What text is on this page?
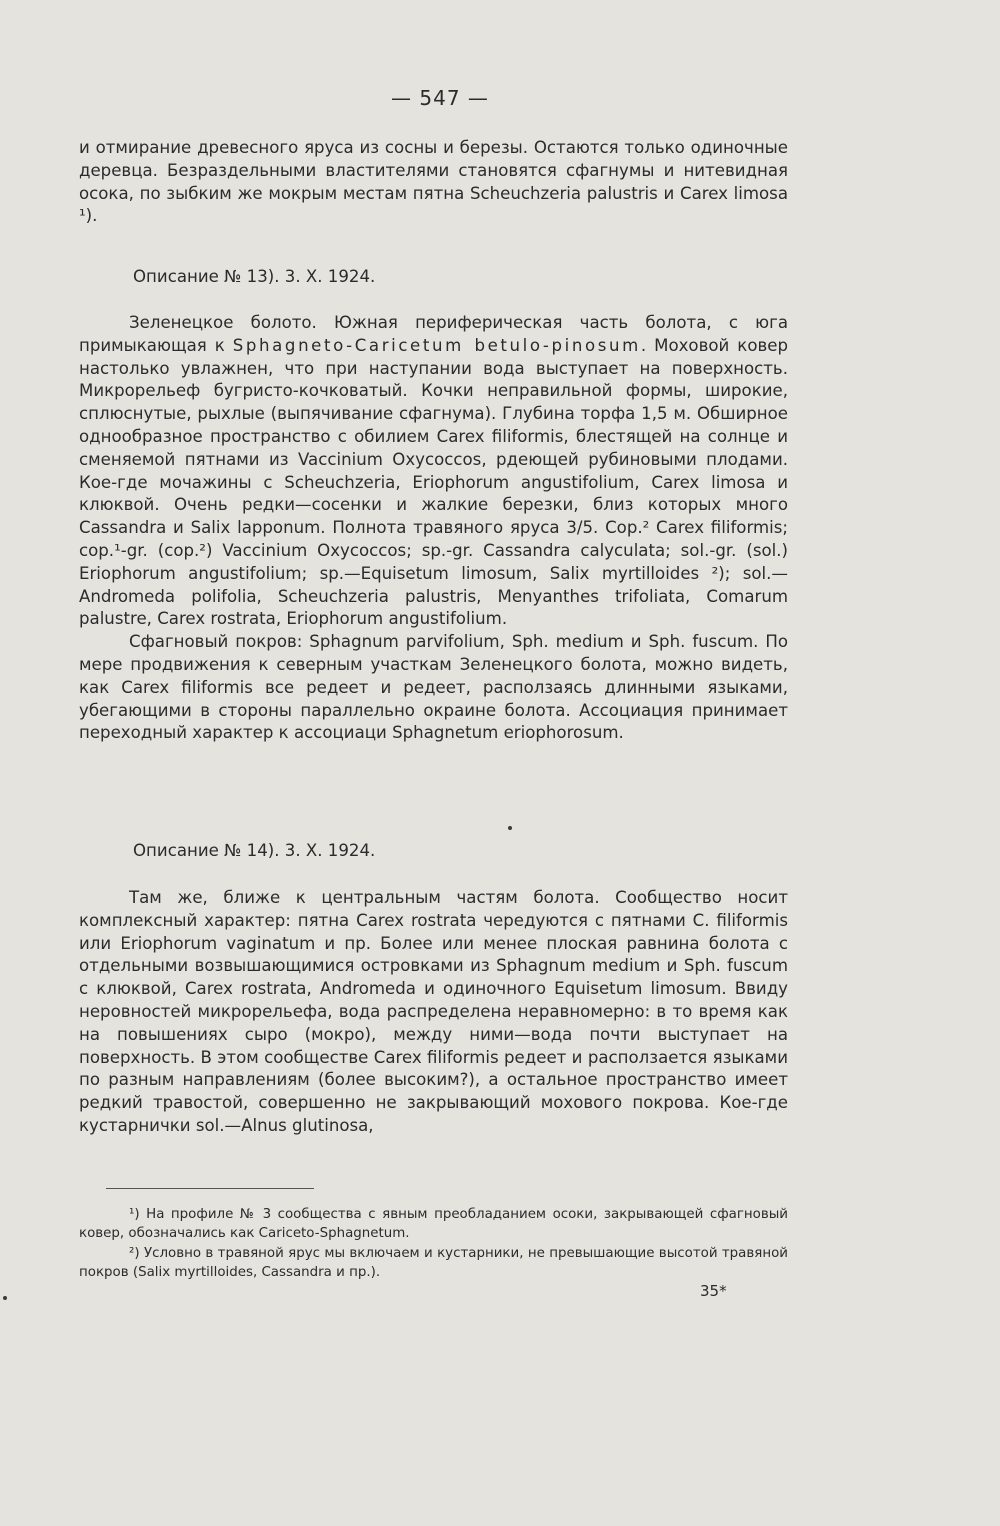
— 547 —

и отмирание древесного яруса из сосны и березы. Остаются только одиночные деревца. Безраздельными властителями становятся сфагнумы и нитевидная осока, по зыбким же мокрым местам пятна Scheuchzeria palustris и Carex limosa ¹).

Описание № 13). 3. X. 1924.

Зеленецкое болото. Южная периферическая часть болота, с юга примыкающая к Sphagneto-Caricetum betulo-pinosum. Моховой ковер настолько увлажнен, что при наступании вода выступает на поверхность. Микрорельеф бугристо-кочковатый. Кочки неправильной формы, широкие, сплюснутые, рыхлые (выпячивание сфагнума). Глубина торфа 1,5 м. Обширное однообразное пространство с обилием Carex filiformis, блестящей на солнце и сменяемой пятнами из Vaccinium Oxycoccos, рдеющей рубиновыми плодами. Кое-где мочажины с Scheuchzeria, Eriophorum angustifolium, Carex limosa и клюквой. Очень редки—сосенки и жалкие березки, близ которых много Cassandra и Salix lapponum. Полнота травяного яруса 3/5. Cop.² Carex filiformis; cop.¹-gr. (cop.²) Vaccinium Oxycoccos; sp.-gr. Cassandra calyculata; sol.-gr. (sol.) Eriophorum angustifolium; sp.—Equisetum limosum, Salix myrtilloides ²); sol.—Andromeda polifolia, Scheuchzeria palustris, Menyanthes trifoliata, Comarum palustre, Carex rostrata, Eriophorum angustifolium.

Сфагновый покров: Sphagnum parvifolium, Sph. medium и Sph. fuscum. По мере продвижения к северным участкам Зеленецкого болота, можно видеть, как Carex filiformis все редеет и редеет, расползаясь длинными языками, убегающими в стороны параллельно окраине болота. Ассоциация принимает переходный характер к ассоциаци Sphagnetum eriophorosum.

Описание № 14). 3. X. 1924.

Там же, ближе к центральным частям болота. Сообщество носит комплексный характер: пятна Carex rostrata чередуются с пятнами C. filiformis или Eriophorum vaginatum и пр. Более или менее плоская равнина болота с отдельными возвышающимися островками из Sphagnum medium и Sph. fuscum с клюквой, Carex rostrata, Andromeda и одиночного Equisetum limosum. Ввиду неровностей микрорельефа, вода распределена неравномерно: в то время как на повышениях сыро (мокро), между ними—вода почти выступает на поверхность. В этом сообществе Carex filiformis редеет и расползается языками по разным направлениям (более высоким?), а остальное пространство имеет редкий травостой, совершенно не закрывающий мохового покрова. Кое-где кустарнички sol.—Alnus glutinosa,

¹) На профиле № 3 сообщества с явным преобладанием осоки, закрывающей сфагновый ковер, обозначались как Cariceto-Sphagnetum.

²) Условно в травяной ярус мы включаем и кустарники, не превышающие высотой травяной покров (Salix myrtilloides, Cassandra и пр.).

35*
